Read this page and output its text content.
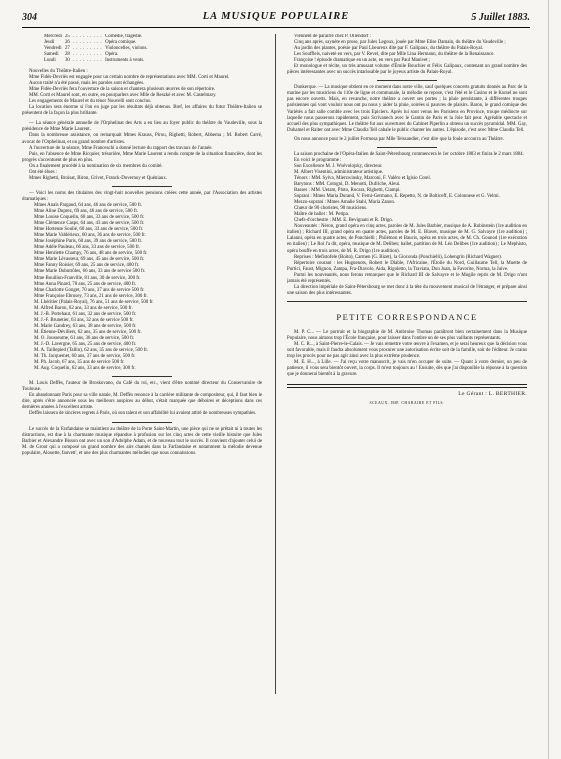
304	LA MUSIQUE POPULAIRE	5 Juillet 1883.
Mercredi	25	. . . . . . . . .	Comédie, tragédie.
Jeudi	26	. . . . . . . . .	Opéra comique.
Vendredi	27	. . . . . . . . .	Violoncelles, violons.
Samedi	28	. . . . . . . . .	Opéra.
Lundi	30	. . . . . . . . .	Instruments à vents.

Nouvelles du Théâtre-Italien :

Mme Fidès-Devriès est engagée pour un certain nombre de représentations avec MM. Corti et Maurel.

Aucun traité n'a été passé, mais les paroles sont échangées.

Mme Fidès-Devriès fera l'ouverture de la saison et chantera plusieurs œuvres de son répertoire.

MM. Corti et Maurel sont, en outre, en pourparlers avec Mlle de Reszké et avec M. Castelmary.

Les engagements de Maurel et du ténor Nouvelli sont conclus.

La location sera énorme si l'on en juge par les résultats déjà obtenus. Bref, les affaires du futur Théâtre-Italien se présentent de la façon la plus brillante.

— La séance générale annuelle de l'Orphelinat des Arts a eu lieu au foyer public du théâtre du Vaudeville, sous la présidence de Mme Marie Laurent.

Dans la nombreuse assistance, on remarquait Mmes Krauss, Pirou, Righetti, Robert, Abbema ; M. Robert Carré, avocat de l'Orphelinat, et un grand nombre d'artistes.

A l'ouverture de la séance, Mme Franceschi a donné lecture du rapport des travaux de l'année.

Puis, en l'absence de Mme Ricquier, trésorière, Mme Marie Laurent a rendu compte de la situation financière, dont les progrès s'accentuent de plus en plus.

On a finalement procédé à la nomination de six membres du comité.

Ont été élues :

Mmes Righetti, Broisat, Biron, Grivot, Franck-Duvernoy et Quéniaux.

— Voici les noms des titulaires des vingt-huit nouvelles pensions créées cette année, par l'Association des artistes dramatiques :

Mmes Anaïs Pargaud, 64 ans, 46 ans de service, 500 fr.
Mme Aline Duprez, 69 ans, 46 ans de service, 500 fr.
Mme Louise Coquelin, 60 ans, 33 ans de service, 500 fr.
Mme Clémence Casps, 64 ans, 43 ans de service, 500 fr.
Mme Hortense Soulié, 60 ans, 33 ans de service, 500 fr.
Mme Marie Valdérieux, 60 ans, 36 ans de service, 500 fr.
Mme Joséphine Paris, 60 ans, 39 ans de service, 500 fr.
Mme Adèle Pauleau, 66 ans, 33 ans de service, 500 fr.
Mme Henriette Champy, 76 ans, 48 ans de service, 500 fr.
Mme Marie Lévasseur, 69 ans, 45 ans de service, 500 fr.
Mme Fanny Roisier, 69 ans, 25 ans de service, 400 fr.
Mme Marie Dubutrôles, 66 ans, 33 ans de service 500 fr.
Mme Bouillon-Franville, 81 ans, 30 de service, 300 fr.
Mme Anna Pinard, 70 ans, 25 ans de service, 400 fr.
Mme Charlotte Gonget, 70 ans, 37 ans de service 500 fr.
Mme Françoise Ebrusey, 73 ans, 21 ans de service, 300 fr.
M. Lhéritier (Palais-Royal), 76 ans, 51 ans de service, 500 fr.
M. Alfred Baron, 62 ans, 33 ans de service, 500 fr.
M. J.-B. Portehaut, 61 ans, 32 ans de service, 500 fr.
M. J.-F. Brunetier, 63 ans, 32 ans de service 500 fr.
M. Marie Gandrey, 63 ans, 38 ans de service, 500 fr.
M. Étienne-Dévillers, 62 ans, 35 ans de service, 500 fr.
M. O. Jousseume, 61 ans, 36 ans de service, 500 fr.
M. J.-D. Lavergne, 65 ans, 25 ans de service, 400 fr.
M. A. Taillepied (Tallin), 62 ans, 35 ans de service, 500 fr.
M. Th. Jacquemet, 60 ans, 37 ans de service, 500 fr.
M. Ph. Jacob, 67 ans, 35 ans de service 500 fr.
M. Aug. Coquelin, 62 ans, 33 ans de service, 300 fr.

M. Louis Deffès, l'auteur de Broskovano, du Café du roi, etc., vient d'être nommé directeur du Conservatoire de Toulouse.

En abandonnant Paris pour sa ville natale, M. Deffès renonce à la carrière militante de compositeur, qui, il faut bien le dire, après s'être annoncée sous les meilleurs auspices au début, s'était marquée que déboires et déceptions dans ces dernières années à l'excellent artiste.

Deffès laissera de sincères regrets à Paris, où son talent et son affabilité lui avaient attiré de nombreuses sympathies.

Le succès de la Farfandaise se maintient au théâtre de la Porte Saint-Martin, une pièce qui ne se prêtait ni à toutes les distractions, est due à la charmante musique répandue à profusion sur les cinq actes de cette vieille histoire que Jules Barbier et Alexandre Bisson ont avec un son d'Adolphe Adam, et de nouveau tout le succès. Il convient d'ajouter celui de M. de Groot qui a composé un grand nombre des airs chantés dans la Farfandaise et notamment la mélodie devenue populaire, Alouette, fauvett', et une des plus charmantes mélodies que nous connaissions.

Viennent de paraître chez P. Ollendorf :

Cinq ans après, saynète en prose, par Jules Legoux, jouée par Mme Elise Damain, du théâtre du Vaudeville ;

Au jardin des plantes, poésie par Paul Lheureux dite par F. Galipaux, du théâtre du Palais-Royal.

Les Souffleis, naiveté en vers, par V. Revel, dite par Mlle Lina Hermann, du théâtre de la Renaissance.

Françoise ! épisode dramatique en un acte, en vers par Paul Manivet ;

Et monologue et récite, un très amusant volume d'Émile Bouchier et Félix Galipaux, contenant un grand nombre des pièces intéressantes avec un succès intarissable par le joyeux artiste du Palais-Royal.

Dunkerque. — La musique obtient en ce moment dans notre ville, sauf quelques concerts gratuits donnés au Parc de la marine par les musiciens du 110e de ligne et communale, la mélodie se repose, c'est l'été et le Casino et le Kursel ne sont pas encore ouverts. Mais, en revanche, notre théâtre a ouvert ses portes ; la pluie persistante, à différentes troupes parisiennes qui vont vouloir nous ont pu nous y aider la pluie, soirées si pauvres de plaisirs. Baron, le grand comique des Variétés a fait salle comble avec les trois Epiciers. Après lui sont venus les Parisiens en Province, troupe médiocre sur laquelle nous passerons rapidement, puis Scrivanech avec le Gamin de Paris et la Joie fait peur. Agréable spectacle et accueil des plus sympathiques. Le théâtre fut aux ouvertures du Cabinet Piperlin a obtenu un succès pyramidal. MM. Gay, Duhamel et Raiter ont avec Mme Claudia Tell cabale le public chanter les autres. L'épisode, c'est avec Mme Claudia Tell.

On nous annonce pour le 2 juillet Formosa par Mlle Teissandier, c'est dire que la foule accourra au Théâtre.

La saison prochaine de l'Opéra-Italien de Saint-Pétersbourg commencera le 1er octobre 1883 et finira le 2 mars 1884.

En voici le programme :

Son Excellence M. J. Wsévolojsky, directeur.

M. Albert Visentini, administrateur artistique.

Ténors : MM. Sylva, Mierzwinsky, Marconi, F. Valéro et Igisio Corel.

Barytons : MM. Cotogni, D. Menotti, Dufriche, Aleui.

Basses : MM. Uetam, Ploto, Rocara, Righetti, Ciampi.

Soprani : Mmes Maria Durand, V. Ferni-Germano, E. Repetto, N. de Bolticeff, E. Colonnese et G. Velmi.

Mezzo-soprani : Mmes Amalie Stahl, Maria Zanon.

Chœur de 90 choristes, 90 musiciens.

Maître de ballet : M. Petipa.

Chefs-d'orchestre : MM. E. Bevignani et R. Drigo.

Nouveautés : Néron, grand opéra en cinq actes, paroles de M. Jules Barbier, musique de A. Rubinstein (1re audition en italien) ; Richard III, grand opéra en quatre actes, paroles de M. E. Blavet, musique de M. G. Salvayre (1re audition) ; Lalanni, opéra en quatre actes, de Ponchielli ; Philémon et Baucis, opéra en trois actes, de M. Ch. Gounod (1re exécution en italien) ; Le Roi l'a dit, opéra, musique de M. Delibes; ballet, partition de M. Léo Delibes (1re audition) ; Le Mephisto, opéra bouffe en trois actes, de M. R. Drigo (1re audition).

Reprises : Mefistofele (Boito), Carmen (G. Bizet), la Gioconda (Ponchielli), Lohengrin (Richard Wagner).

Répertoire courant : les Huguenots, Robert le Diable, l'Africaine, l'Étoile du Nord, Guillaume Tell, la Muette de Portici, Faust, Mignon, Zampa, Fra-Diavolo, Aida, Rigoletto, la Traviata, Don Juan, la Favorite, Norma, la Juive.

Parmi les nouveautés, nous ferons remarquer que le Richard III de Salvayre et le Mogile repris de M. Drigo n'ont jamais été représentés.

La direction impériale de Saint-Pétersbourg se met donc à la tête du mouvement musical de l'étranger, et prépare ainsi une saison des plus intéressantes.

PETITE CORRESPONDANCE

M. P. C... — Le portrait et la biographie de M. Ambroise Thomas paraîtront bien certainement dans la Musique Populaire, nous aimons trop l'École française, pour laisser dans l'ombre un de ses plus vaillants représentants.

M. C. R..., à Saint-Pierre-le-Calais. — Je vais remettre votre œuvre à l'examen, et je serai heureux que la décision vous soit favorable, mais il faudra absolument vous procurer une autorisation écrite soit de la famille, soit de l'éditeur. Je crains trop les procès pour ne pas agir ainsi avec la plus extrême prudence.

M. E. H..., à Lille. — J'ai reçu votre manuscrit, je vais m'en occuper de suite. — Quant à votre dernier, un peu de patience, il vous sera bientôt ouvert, la corps. Il m'est toujours au ! Ensuite, dès que j'ai disponible la réponse à la question que je donnerai bientôt à la gravure.

Le Gérant : L. BERTHIER.
SCEAUX. IMP. CHARAIRE ET FILS.
